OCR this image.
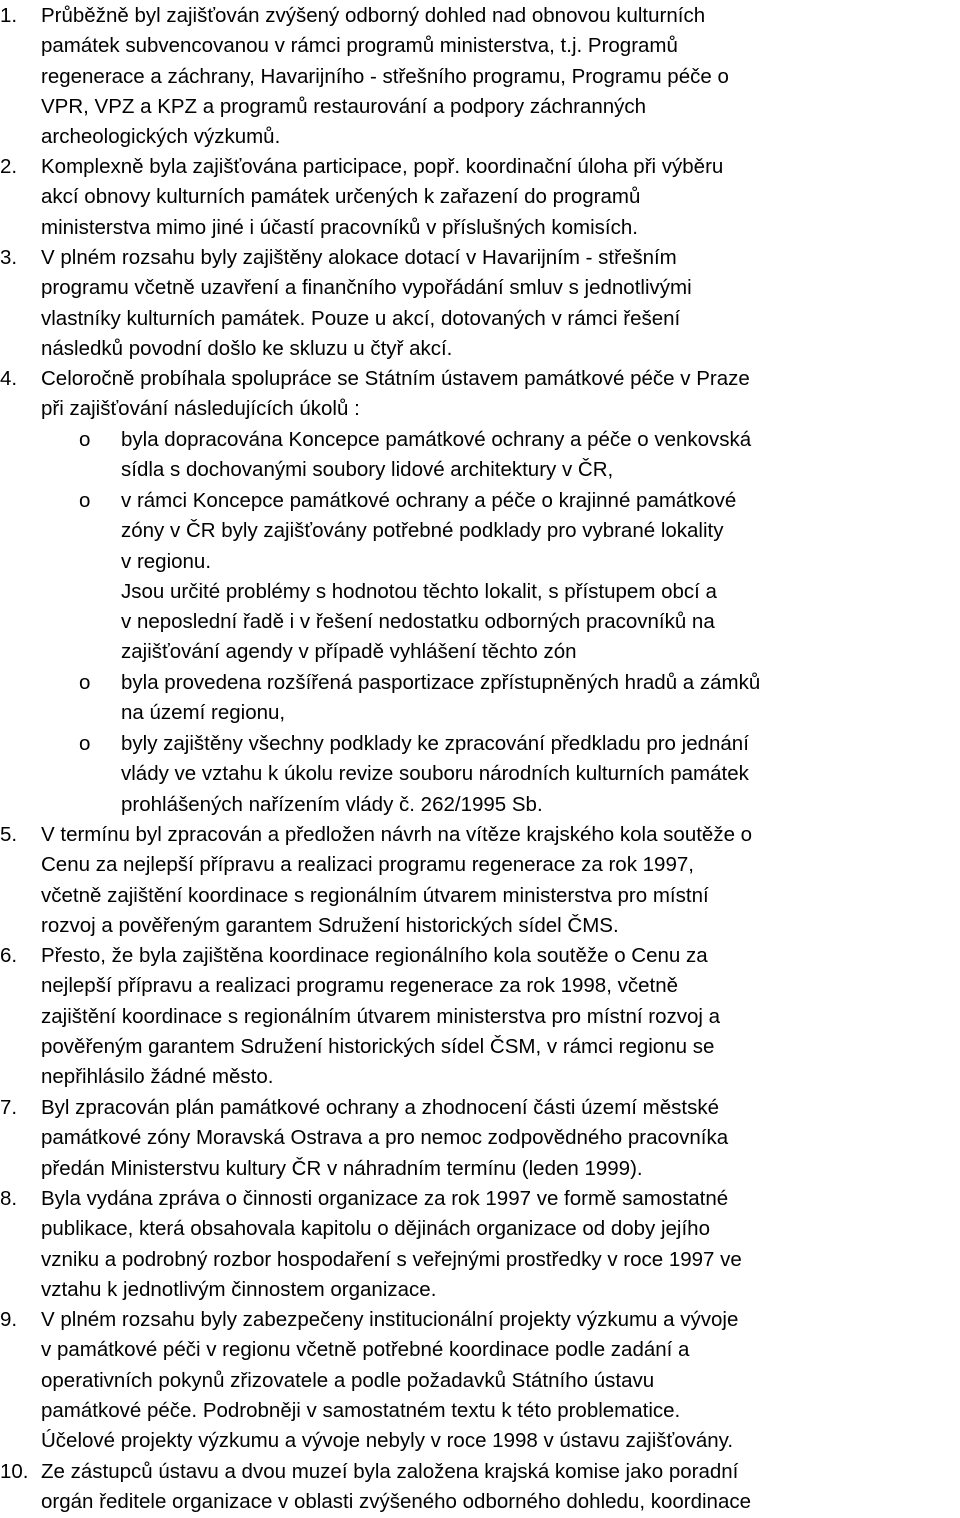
1. Průběžně byl zajišťován zvýšený odborný dohled nad obnovou kulturních
památek subvencovanou v rámci programů ministerstva, t.j. Programů
regenerace a záchrany, Havarijního - střešního programu, Programu péče o
VPR, VPZ a KPZ a programů restaurování a podpory záchranných
archeologických výzkumů.
2. Komplexně byla zajišťována participace, popř. koordinační úloha při výběru
akcí obnovy kulturních památek určených k zařazení do programů
ministerstva mimo jiné i účastí pracovníků v příslušných komisích.
3. V plném rozsahu byly zajištěny alokace dotací v Havarijním - střešním
programu včetně uzavření a finančního vypořádání smluv s jednotlivými
vlastníky kulturních památek. Pouze u akcí, dotovaných v rámci řešení
následků povodní došlo ke skluzu u čtyř akcí.
4. Celoročně probíhala spolupráce se Státním ústavem památkové péče v Praze
při zajišťování následujících úkolů :
o byla dopracována Koncepce památkové ochrany a péče o venkovská
sídla s dochovanými soubory lidové architektury v ČR,
o v rámci Koncepce památkové ochrany a péče o krajinné památkové
zóny v ČR byly zajišťovány potřebné podklady pro vybrané lokality
v regionu.
Jsou určité problémy s hodnotou těchto lokalit, s přístupem obcí a
v neposlední řadě i v řešení nedostatku odborných pracovníků na
zajišťování agendy v případě vyhlášení těchto zón
o byla provedena rozšířená pasportizace zpřístupněných hradů a zámků
na území regionu,
o byly zajištěny všechny podklady ke zpracování předkladu pro jednání
vlády ve vztahu k úkolu revize souboru národních kulturních památek
prohlášených nařízením vlády č. 262/1995 Sb.
5. V termínu byl zpracován a předložen návrh na vítěze krajského kola soutěže o
Cenu za nejlepší přípravu a realizaci programu regenerace za rok 1997,
včetně zajištění koordinace s regionálním útvarem ministerstva pro místní
rozvoj a pověřeným garantem Sdružení historických sídel ČMS.
6. Přesto, že byla zajištěna koordinace regionálního kola soutěže o Cenu za
nejlepší přípravu a realizaci programu regenerace za rok 1998, včetně
zajištění koordinace s regionálním útvarem ministerstva pro místní rozvoj a
pověřeným garantem Sdružení historických sídel ČSM, v rámci regionu se
nepřihlásilo žádné město.
7. Byl zpracován plán památkové ochrany a zhodnocení části území městské
památkové zóny Moravská Ostrava a pro nemoc zodpovědného pracovníka
předán Ministerstvu kultury ČR v náhradním termínu (leden 1999).
8. Byla vydána zpráva o činnosti organizace za rok 1997 ve formě samostatné
publikace, která obsahovala kapitolu o dějinách organizace od doby jejího
vzniku a podrobný rozbor hospodaření s veřejnými prostředky v roce 1997 ve
vztahu k jednotlivým činnostem organizace.
9. V plném rozsahu byly zabezpečeny institucionální projekty výzkumu a vývoje
v památkové péči v regionu včetně potřebné koordinace podle zadání a
operativních pokynů zřizovatele a podle požadavků Státního ústavu
památkové péče. Podrobněji v samostatném textu k této problematice.
Účelové projekty výzkumu a vývoje nebyly v roce 1998 v ústavu zajišťovány.
10. Ze zástupců ústavu a dvou muzeí byla založena krajská komise jako poradní
orgán ředitele organizace v oblasti zvýšeného odborného dohledu, koordinace
